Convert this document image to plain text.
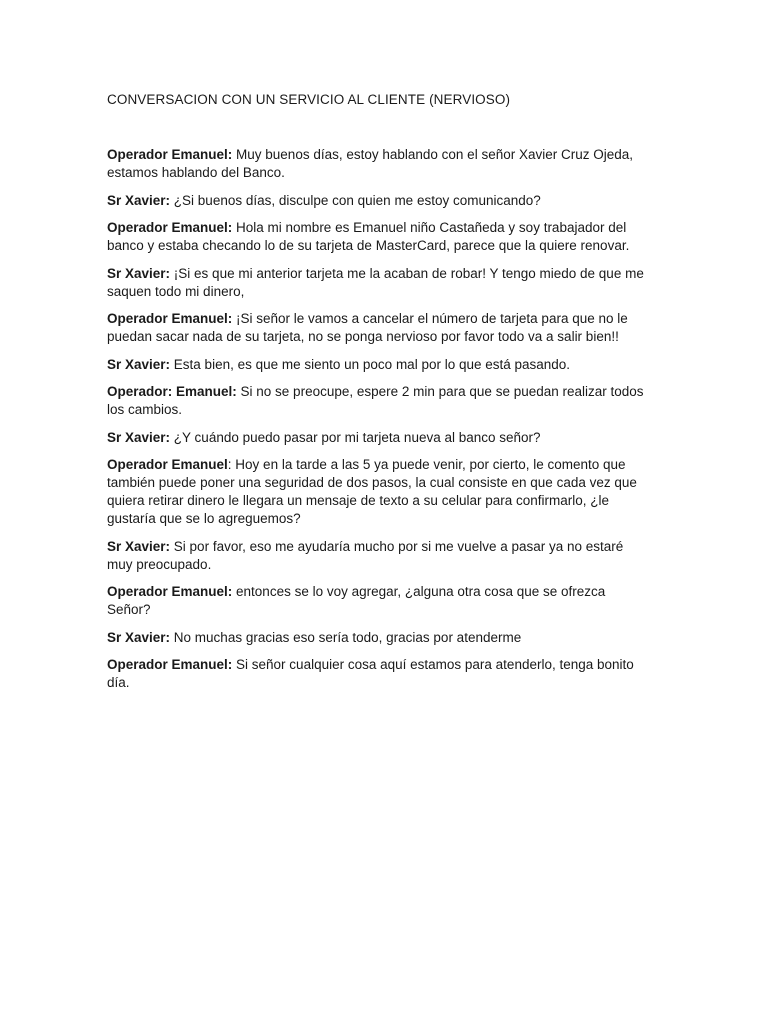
CONVERSACION CON UN SERVICIO AL CLIENTE (NERVIOSO)

Operador Emanuel: Muy buenos días, estoy hablando con el señor Xavier Cruz Ojeda, estamos hablando del Banco.

Sr Xavier: ¿Si buenos días, disculpe con quien me estoy comunicando?

Operador Emanuel: Hola mi nombre es Emanuel niño Castañeda y soy trabajador del banco y estaba checando lo de su tarjeta de MasterCard, parece que la quiere renovar.

Sr Xavier: ¡Si es que mi anterior tarjeta me la acaban de robar! Y tengo miedo de que me saquen todo mi dinero,

Operador Emanuel: ¡Si señor le vamos a cancelar el número de tarjeta para que no le puedan sacar nada de su tarjeta, no se ponga nervioso por favor todo va a salir bien!!

Sr Xavier: Esta bien, es que me siento un poco mal por lo que está pasando.

Operador: Emanuel: Si no se preocupe, espere 2 min para que se puedan realizar todos los cambios.

Sr Xavier: ¿Y cuándo puedo pasar por mi tarjeta nueva al banco señor?

Operador Emanuel: Hoy en la tarde a las 5 ya puede venir, por cierto, le comento que también puede poner una seguridad de dos pasos, la cual consiste en que cada vez que quiera retirar dinero le llegara un mensaje de texto a su celular para confirmarlo, ¿le gustaría que se lo agreguemos?

Sr Xavier: Si por favor, eso me ayudaría mucho por si me vuelve a pasar ya no estaré muy preocupado.

Operador Emanuel: entonces se lo voy agregar, ¿alguna otra cosa que se ofrezca Señor?

Sr Xavier: No muchas gracias eso sería todo, gracias por atenderme

Operador Emanuel: Si señor cualquier cosa aquí estamos para atenderlo, tenga bonito día.
